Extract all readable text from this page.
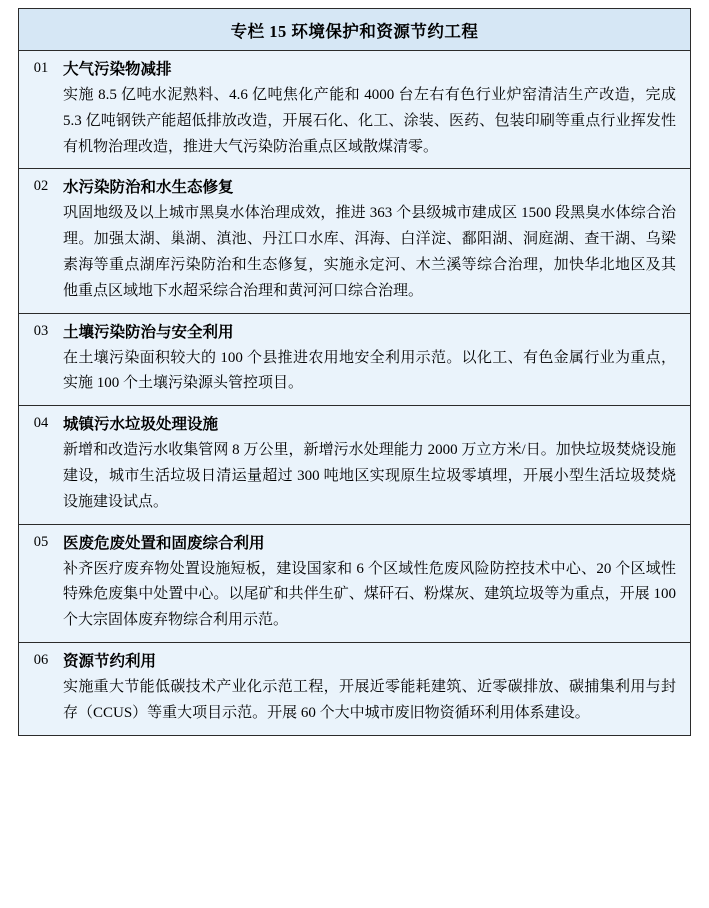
专栏 15 环境保护和资源节约工程
01 大气污染物减排
实施 8.5 亿吨水泥熟料、4.6 亿吨焦化产能和 4000 台左右有色行业炉窑清洁生产改造，完成 5.3 亿吨钢铁产能超低排放改造，开展石化、化工、涂装、医药、包装印刷等重点行业挥发性有机物治理改造，推进大气污染防治重点区域散煤清零。
02 水污染防治和水生态修复
巩固地级及以上城市黑臭水体治理成效，推进 363 个县级城市建成区 1500 段黑臭水体综合治理。加强太湖、巢湖、滇池、丹江口水库、洱海、白洋淀、鄱阳湖、洞庭湖、查干湖、乌梁素海等重点湖库污染防治和生态修复，实施永定河、木兰溪等综合治理，加快华北地区及其他重点区域地下水超采综合治理和黄河河口综合治理。
03 土壤污染防治与安全利用
在土壤污染面积较大的 100 个县推进农用地安全利用示范。以化工、有色金属行业为重点，实施 100 个土壤污染源头管控项目。
04 城镇污水垃圾处理设施
新增和改造污水收集管网 8 万公里，新增污水处理能力 2000 万立方米/日。加快垃圾焚烧设施建设，城市生活垃圾日清运量超过 300 吨地区实现原生垃圾零填埋，开展小型生活垃圾焚烧设施建设试点。
05 医废危废处置和固废综合利用
补齐医疗废弃物处置设施短板，建设国家和 6 个区域性危废风险防控技术中心、20 个区域性特殊危废集中处置中心。以尾矿和共伴生矿、煤矸石、粉煤灰、建筑垃圾等为重点，开展 100 个大宗固体废弃物综合利用示范。
06 资源节约利用
实施重大节能低碳技术产业化示范工程，开展近零能耗建筑、近零碳排放、碳捕集利用与封存（CCUS）等重大项目示范。开展 60 个大中城市废旧物资循环利用体系建设。
